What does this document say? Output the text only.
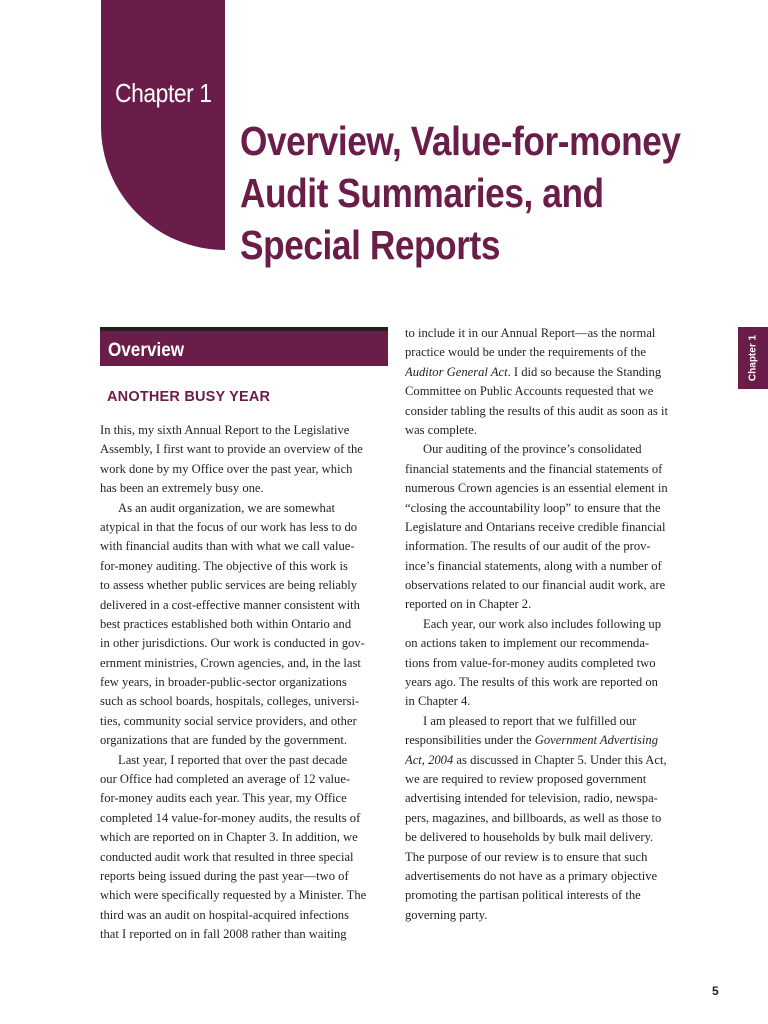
Chapter 1
Overview, Value-for-money
Audit Summaries, and
Special Reports
Overview
ANOTHER BUSY YEAR
In this, my sixth Annual Report to the Legislative
Assembly, I first want to provide an overview of the
work done by my Office over the past year, which
has been an extremely busy one.
As an audit organization, we are somewhat
atypical in that the focus of our work has less to do
with financial audits than with what we call value-
for-money auditing. The objective of this work is
to assess whether public services are being reliably
delivered in a cost-effective manner consistent with
best practices established both within Ontario and
in other jurisdictions. Our work is conducted in gov-
ernment ministries, Crown agencies, and, in the last
few years, in broader-public-sector organizations
such as school boards, hospitals, colleges, universi-
ties, community social service providers, and other
organizations that are funded by the government.
Last year, I reported that over the past decade
our Office had completed an average of 12 value-
for-money audits each year. This year, my Office
completed 14 value-for-money audits, the results of
which are reported on in Chapter 3. In addition, we
conducted audit work that resulted in three special
reports being issued during the past year—two of
which were specifically requested by a Minister. The
third was an audit on hospital-acquired infections
that I reported on in fall 2008 rather than waiting
to include it in our Annual Report—as the normal
practice would be under the requirements of the
Auditor General Act. I did so because the Standing
Committee on Public Accounts requested that we
consider tabling the results of this audit as soon as it
was complete.
Our auditing of the province’s consolidated
financial statements and the financial statements of
numerous Crown agencies is an essential element in
“closing the accountability loop” to ensure that the
Legislature and Ontarians receive credible financial
information. The results of our audit of the prov-
ince’s financial statements, along with a number of
observations related to our financial audit work, are
reported on in Chapter 2.
Each year, our work also includes following up
on actions taken to implement our recommenda-
tions from value-for-money audits completed two
years ago. The results of this work are reported on
in Chapter 4.
I am pleased to report that we fulfilled our
responsibilities under the Government Advertising
Act, 2004 as discussed in Chapter 5. Under this Act,
we are required to review proposed government
advertising intended for television, radio, newspa-
pers, magazines, and billboards, as well as those to
be delivered to households by bulk mail delivery.
The purpose of our review is to ensure that such
advertisements do not have as a primary objective
promoting the partisan political interests of the
governing party.
Chapter 1
5
